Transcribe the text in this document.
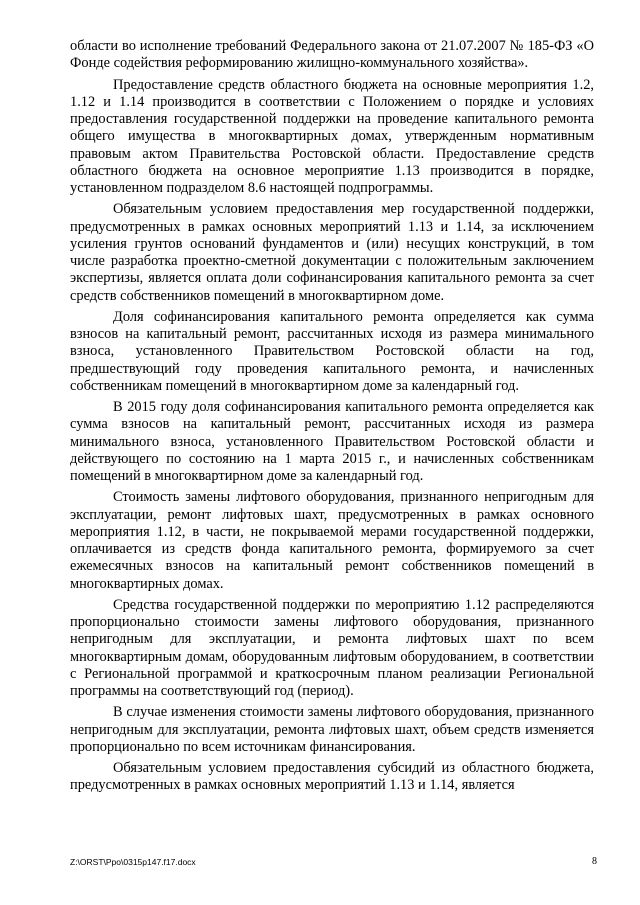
области во исполнение требований Федерального закона от 21.07.2007 № 185-ФЗ «О Фонде содействия реформированию жилищно-коммунального хозяйства».

Предоставление средств областного бюджета на основные мероприятия 1.2, 1.12 и 1.14 производится в соответствии с Положением о порядке и условиях предоставления государственной поддержки на проведение капитального ремонта общего имущества в многоквартирных домах, утвержденным нормативным правовым актом Правительства Ростовской области. Предоставление средств областного бюджета на основное мероприятие 1.13 производится в порядке, установленном подразделом 8.6 настоящей подпрограммы.

Обязательным условием предоставления мер государственной поддержки, предусмотренных в рамках основных мероприятий 1.13 и 1.14, за исключением усиления грунтов оснований фундаментов и (или) несущих конструкций, в том числе разработка проектно-сметной документации с положительным заключением экспертизы, является оплата доли софинансирования капитального ремонта за счет средств собственников помещений в многоквартирном доме.

Доля софинансирования капитального ремонта определяется как сумма взносов на капитальный ремонт, рассчитанных исходя из размера минимального взноса, установленного Правительством Ростовской области на год, предшествующий году проведения капитального ремонта, и начисленных собственникам помещений в многоквартирном доме за календарный год.

В 2015 году доля софинансирования капитального ремонта определяется как сумма взносов на капитальный ремонт, рассчитанных исходя из размера минимального взноса, установленного Правительством Ростовской области и действующего по состоянию на 1 марта 2015 г., и начисленных собственникам помещений в многоквартирном доме за календарный год.

Стоимость замены лифтового оборудования, признанного непригодным для эксплуатации, ремонт лифтовых шахт, предусмотренных в рамках основного мероприятия 1.12, в части, не покрываемой мерами государственной поддержки, оплачивается из средств фонда капитального ремонта, формируемого за счет ежемесячных взносов на капитальный ремонт собственников помещений в многоквартирных домах.

Средства государственной поддержки по мероприятию 1.12 распределяются пропорционально стоимости замены лифтового оборудования, признанного непригодным для эксплуатации, и ремонта лифтовых шахт по всем многоквартирным домам, оборудованным лифтовым оборудованием, в соответствии с Региональной программой и краткосрочным планом реализации Региональной программы на соответствующий год (период).

В случае изменения стоимости замены лифтового оборудования, признанного непригодным для эксплуатации, ремонта лифтовых шахт, объем средств изменяется пропорционально по всем источникам финансирования.

Обязательным условием предоставления субсидий из областного бюджета, предусмотренных в рамках основных мероприятий 1.13 и 1.14, является

Z:\ORST\Ppo\0315p147.f17.docx	8
